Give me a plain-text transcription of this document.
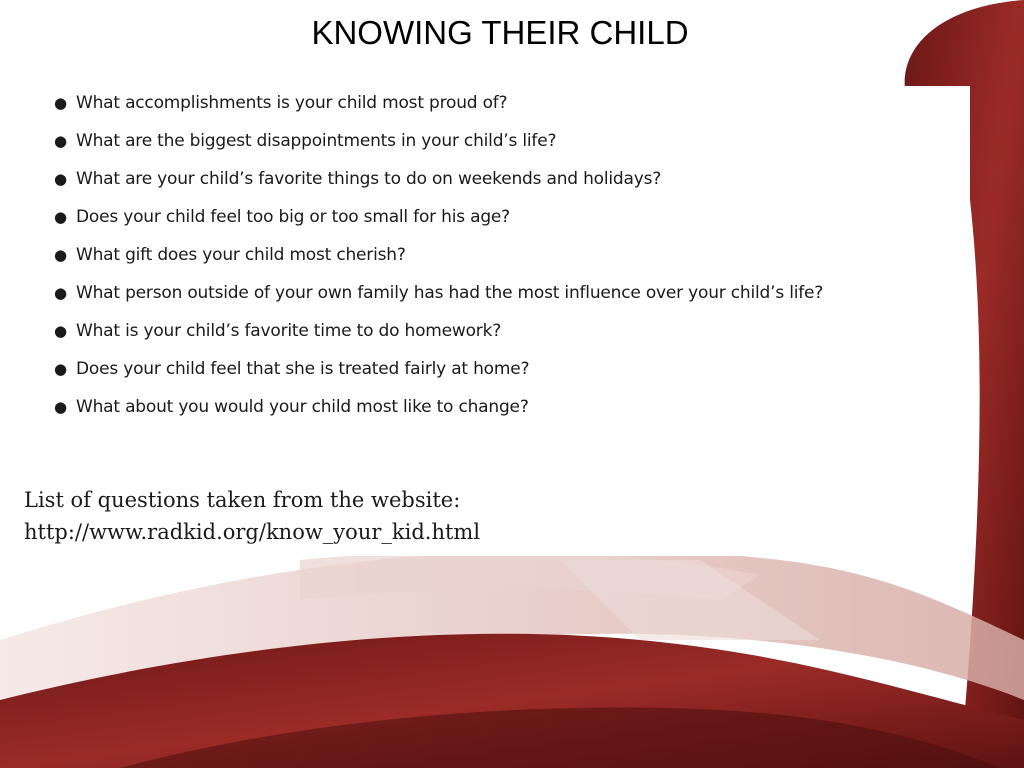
KNOWING THEIR CHILD
● What accomplishments is your child most proud of?
● What are the biggest disappointments in your child’s life?
● What are your child’s favorite things to do on weekends and holidays?
● Does your child feel too big or too small for his age?
● What gift does your child most cherish?
● What person outside of your own family has had the most influence over your child’s life?
● What is your child’s favorite time to do homework?
● Does your child feel that she is treated fairly at home?
● What about you would your child most like to change?
List of questions taken from the website:
http://www.radkid.org/know_your_kid.html
